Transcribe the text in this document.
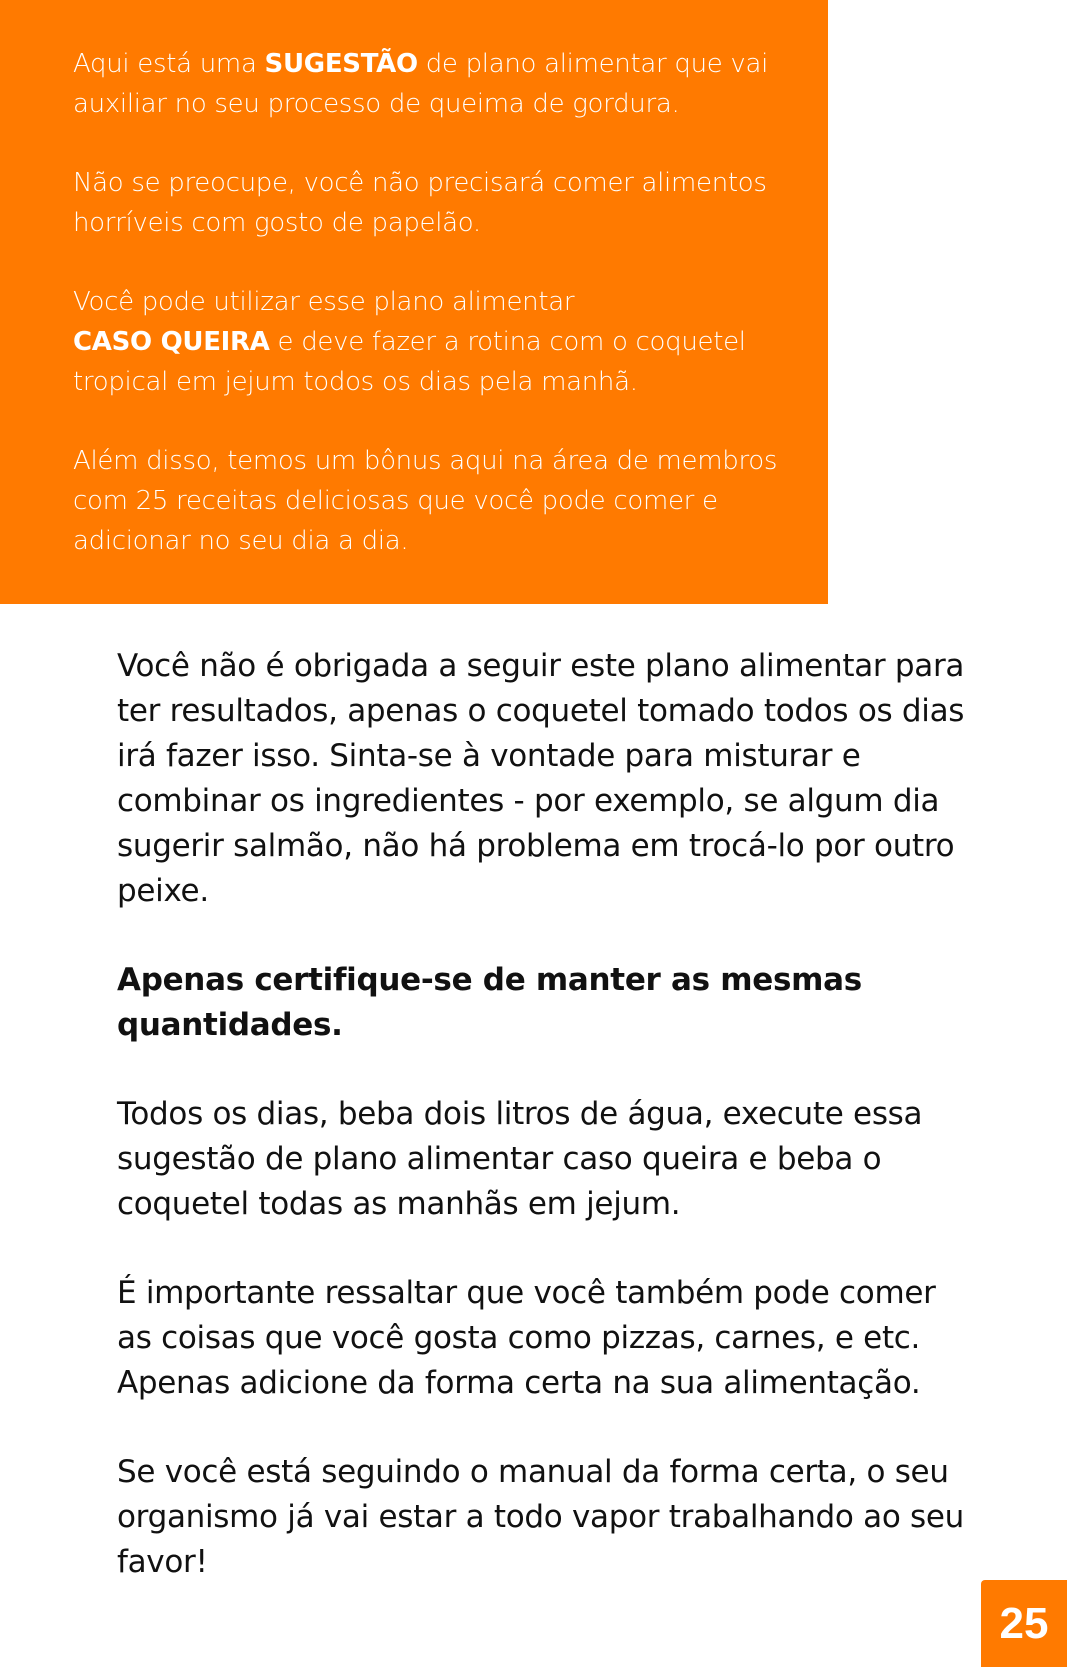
Aqui está uma SUGESTÃO de plano alimentar que vai auxiliar no seu processo de queima de gordura.

Não se preocupe, você não precisará comer alimentos horríveis com gosto de papelão.

Você pode utilizar esse plano alimentar
CASO QUEIRA e deve fazer a rotina com o coquetel tropical em jejum todos os dias pela manhã.

Além disso, temos um bônus aqui na área de membros com 25 receitas deliciosas que você pode comer e adicionar no seu dia a dia.

Você não é obrigada a seguir este plano alimentar para ter resultados, apenas o coquetel tomado todos os dias irá fazer isso. Sinta-se à vontade para misturar e combinar os ingredientes - por exemplo, se algum dia sugerir salmão, não há problema em trocá-lo por outro peixe.

Apenas certifique-se de manter as mesmas quantidades.

Todos os dias, beba dois litros de água, execute essa sugestão de plano alimentar caso queira e beba o coquetel todas as manhãs em jejum.

É importante ressaltar que você também pode comer as coisas que você gosta como pizzas, carnes, e etc. Apenas adicione da forma certa na sua alimentação.

Se você está seguindo o manual da forma certa, o seu organismo já vai estar a todo vapor trabalhando ao seu favor!

25
